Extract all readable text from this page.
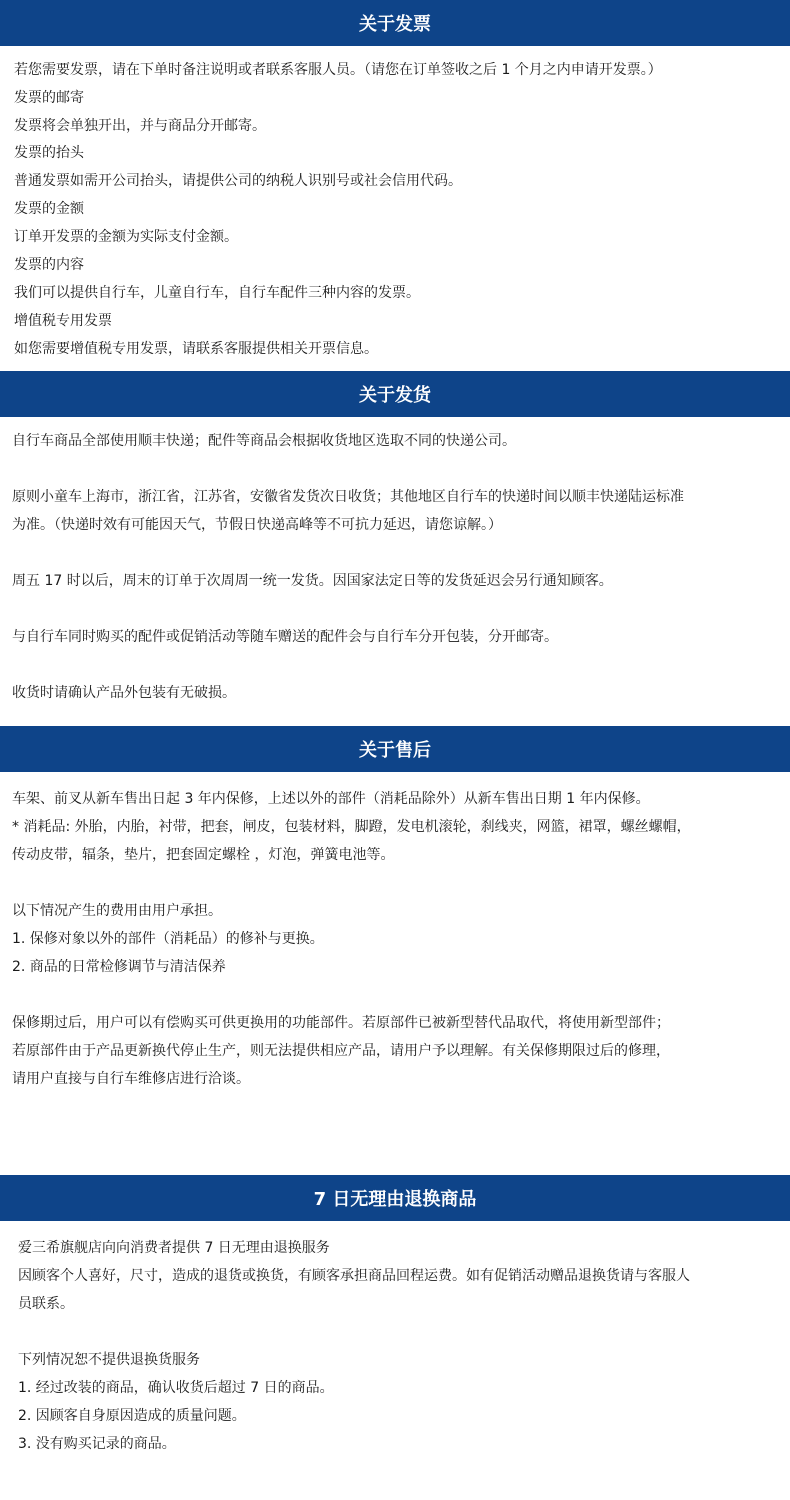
关于发票
若您需要发票，请在下单时备注说明或者联系客服人员。（请您在订单签收之后 1 个月之内申请开发票。）
发票的邮寄
发票将会单独开出，并与商品分开邮寄。
发票的抬头
普通发票如需开公司抬头，请提供公司的纳税人识别号或社会信用代码。
发票的金额
订单开发票的金额为实际支付金额。
发票的内容
我们可以提供自行车，儿童自行车，自行车配件三种内容的发票。
增值税专用发票
如您需要增值税专用发票，请联系客服提供相关开票信息。
关于发货
自行车商品全部使用顺丰快递；配件等商品会根据收货地区选取不同的快递公司。
原则小童车上海市，浙江省，江苏省，安徽省发货次日收货；其他地区自行车的快递时间以顺丰快递陆运标准
为准。（快递时效有可能因天气，节假日快递高峰等不可抗力延迟，请您谅解。）
周五 17 时以后，周末的订单于次周周一统一发货。因国家法定日等的发货延迟会另行通知顾客。
与自行车同时购买的配件或促销活动等随车赠送的配件会与自行车分开包装，分开邮寄。
收货时请确认产品外包装有无破损。
关于售后
车架、前叉从新车售出日起 3 年内保修，上述以外的部件（消耗品除外）从新车售出日期 1 年内保修。
* 消耗品: 外胎，内胎，衬带，把套，闸皮，包装材料，脚蹬，发电机滚轮，刹线夹，网篮，裙罩，螺丝螺帽，
传动皮带，辐条，垫片，把套固定螺栓 ，灯泡，弹簧电池等。
以下情况产生的费用由用户承担。
1. 保修对象以外的部件（消耗品）的修补与更换。
2. 商品的日常检修调节与清洁保养
保修期过后，用户可以有偿购买可供更换用的功能部件。若原部件已被新型替代品取代，将使用新型部件；
若原部件由于产品更新换代停止生产，则无法提供相应产品，请用户予以理解。有关保修期限过后的修理，
请用户直接与自行车维修店进行洽谈。
7 日无理由退换商品
爱三希旗舰店向向消费者提供 7 日无理由退换服务
因顾客个人喜好，尺寸，造成的退货或换货，有顾客承担商品回程运费。如有促销活动赠品退换货请与客服人
员联系。
下列情况恕不提供退换货服务
1. 经过改装的商品，确认收货后超过 7 日的商品。
2. 因顾客自身原因造成的质量问题。
3. 没有购买记录的商品。
